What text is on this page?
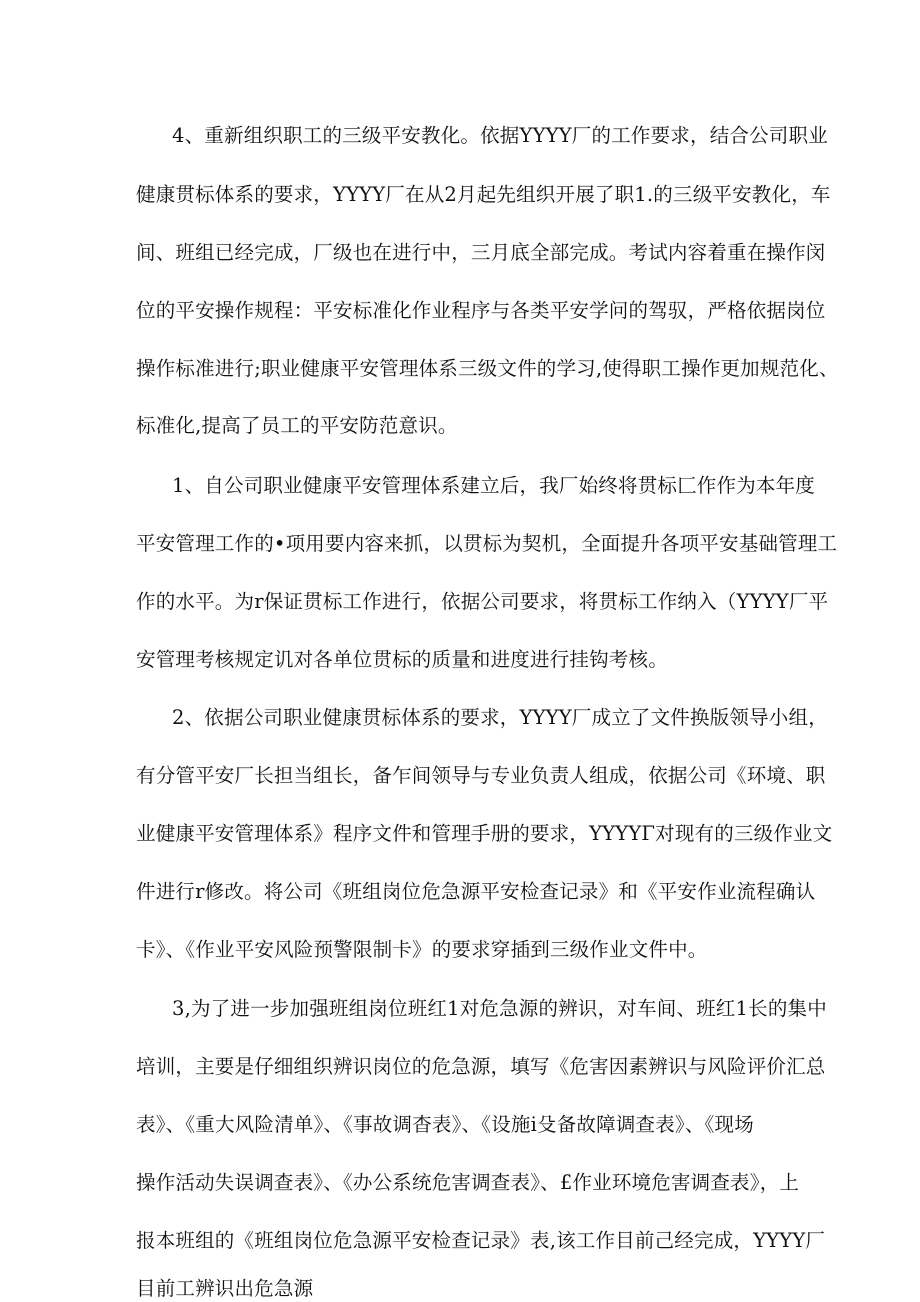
4、重新组织职工的三级平安教化。依据YYYY厂的工作要求，结合公司职业
健康贯标体系的要求，YYYY厂在从2月起先组织开展了职1.的三级平安教化，车
间、班组已经完成，厂级也在进行中，三月底全部完成。考试内容着重在操作闵
位的平安操作规程：平安标准化作业程序与各类平安学问的驾驭，严格依据岗位
操作标准进行;职业健康平安管理体系三级文件的学习,使得职工操作更加规范化、
标准化,提高了员工的平安防范意识。
1、自公司职业健康平安管理体系建立后，我厂始终将贯标匚作作为本年度
平安管理工作的•项用要内容来抓，以贯标为契机，全面提升各项平安基础管理工
作的水平。为r保证贯标工作进行，依据公司要求，将贯标工作纳入（YYYY厂平
安管理考核规定讥对各单位贯标的质量和进度进行挂钩考核。
2、依据公司职业健康贯标体系的要求，YYYY厂成立了文件换版领导小组，
有分管平安厂长担当组长，备乍间领导与专业负责人组成，依据公司《环境、职
业健康平安管理体系》程序文件和管理手册的要求，YYYYΓ对现有的三级作业文
件进行r修改。将公司《班组岗位危急源平安检查记录》和《平安作业流程确认
卡》、《作业平安风险预警限制卡》的要求穿插到三级作业文件中。
3,为了进一步加强班组岗位班红1对危急源的辨识，对车间、班红1长的集中
培训，主要是仔细组织辨识岗位的危急源，填写《危害因素辨识与风险评价汇总
表》、《重大风险清单》、《事故调杳表》、《设施i殳备故障调查表》、《现场
操作活动失误调查表》、《办公系统危害调查表》、£作业环境危害调查表》，上
报本班组的《班组岗位危急源平安检查记录》表,该工作目前己经完成，YYYY厂
目前工辨识出危急源
